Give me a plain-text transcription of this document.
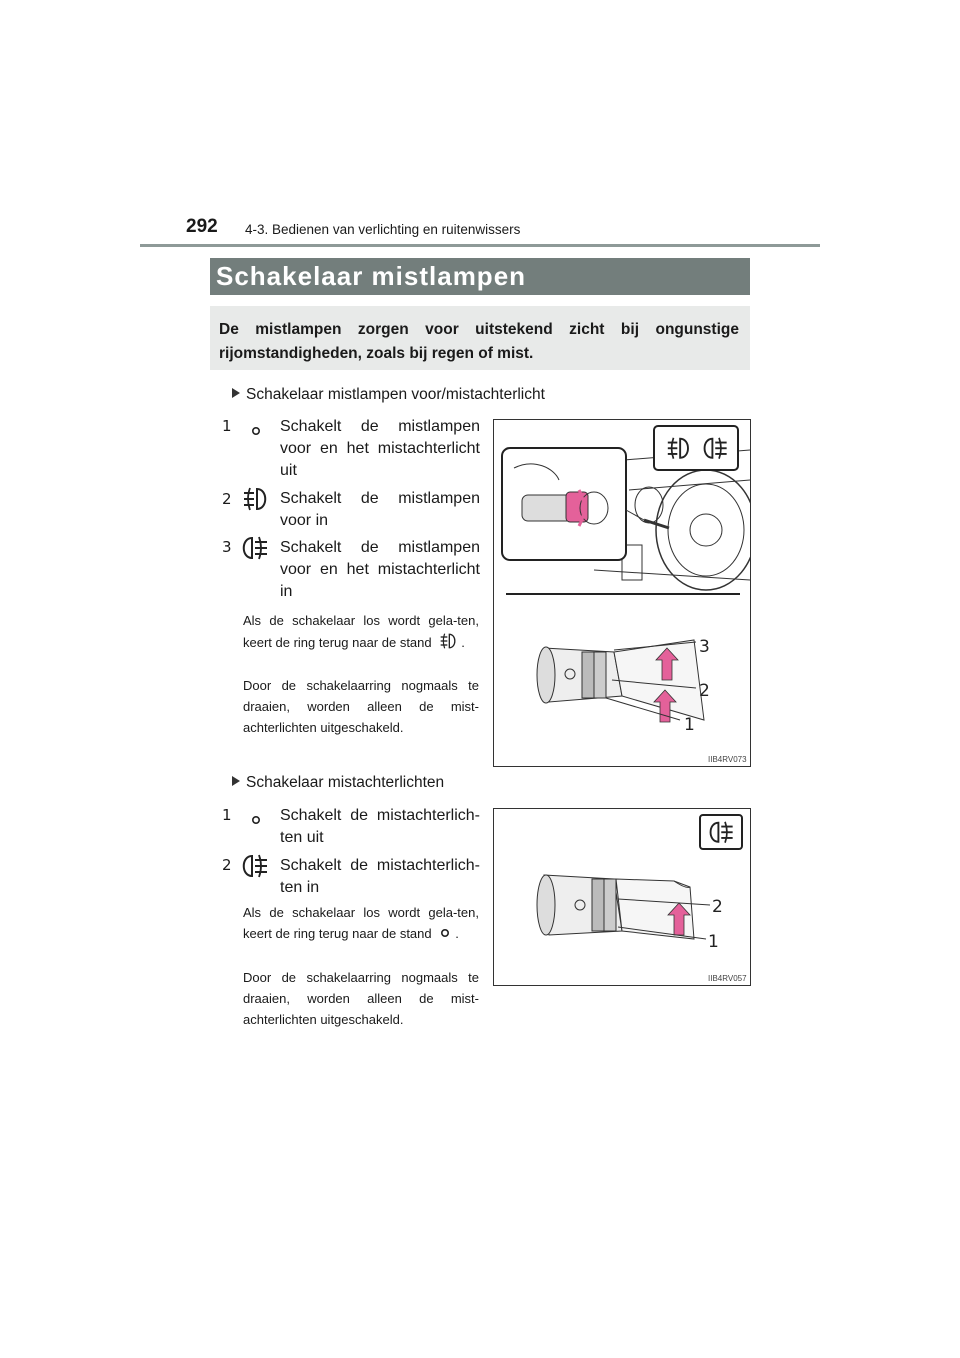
292 4-3. Bedienen van verlichting en ruitenwissers
Schakelaar mistlampen
De mistlampen zorgen voor uitstekend zicht bij ongunstige rijomstandigheden, zoals bij regen of mist.
Schakelaar mistlampen voor/mistachterlicht
1	Schakelt de mistlampen voor en het mistachterlicht uit
2	Schakelt de mistlampen voor in
3	Schakelt de mistlampen voor en het mistachterlicht in
Als de schakelaar los wordt gela-ten, keert de ring terug naar de stand .
Door de schakelaarring nogmaals te draaien, worden alleen de mist-achterlichten uitgeschakeld.
3
2
1
IIB4RV073
Schakelaar mistachterlichten
1	Schakelt de mistachterlich-ten uit
2	Schakelt de mistachterlich-ten in
Als de schakelaar los wordt gela-ten, keert de ring terug naar de stand .
Door de schakelaarring nogmaals te draaien, worden alleen de mist-achterlichten uitgeschakeld.
2
1
IIB4RV057
